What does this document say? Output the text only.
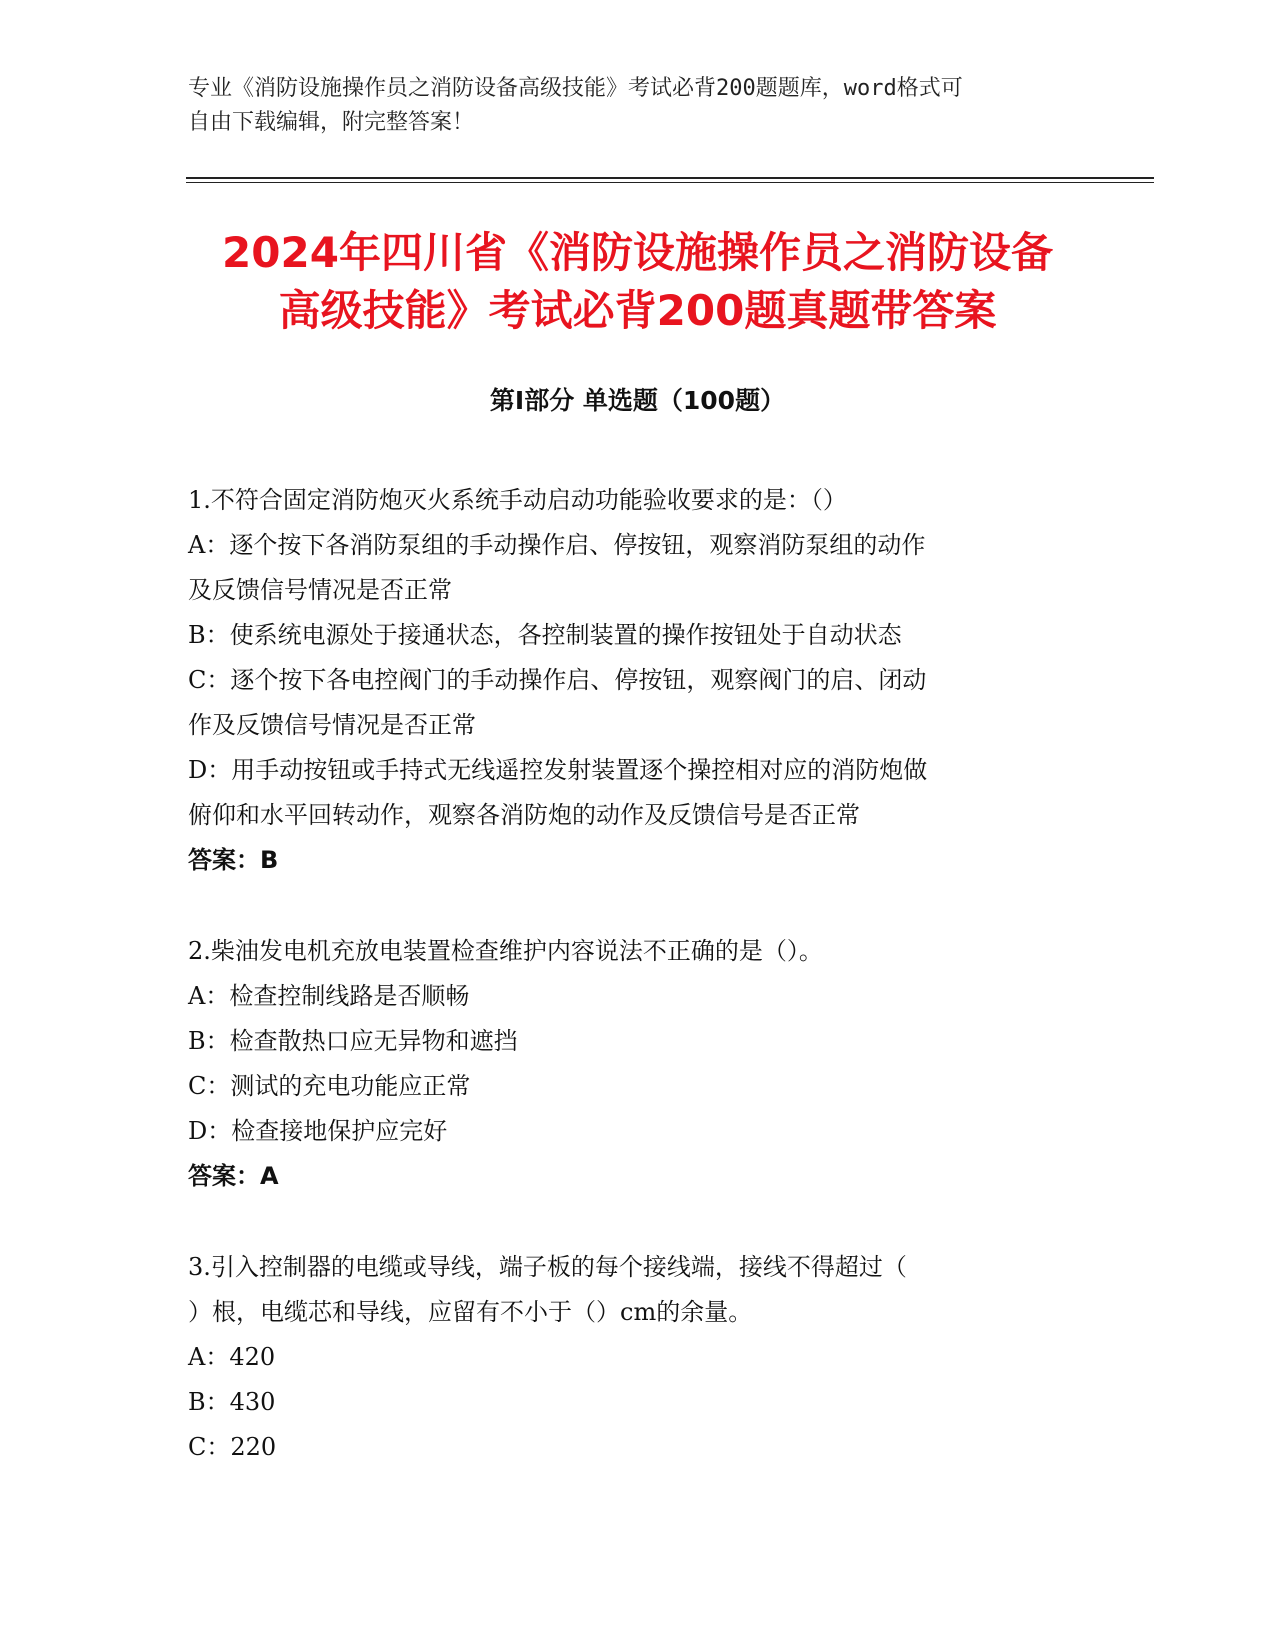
专业《消防设施操作员之消防设备高级技能》考试必背200题题库，word格式可
自由下载编辑，附完整答案！
2024年四川省《消防设施操作员之消防设备
高级技能》考试必背200题真题带答案
第Ⅰ部分 单选题（100题）

1.不符合固定消防炮灭火系统手动启动功能验收要求的是：（）

A：逐个按下各消防泵组的手动操作启、停按钮，观察消防泵组的动作

及反馈信号情况是否正常

B：使系统电源处于接通状态，各控制装置的操作按钮处于自动状态

C：逐个按下各电控阀门的手动操作启、停按钮，观察阀门的启、闭动

作及反馈信号情况是否正常

D：用手动按钮或手持式无线遥控发射装置逐个操控相对应的消防炮做

俯仰和水平回转动作，观察各消防炮的动作及反馈信号是否正常

答案：B

2.柴油发电机充放电装置检查维护内容说法不正确的是（）。

A：检查控制线路是否顺畅

B：检查散热口应无异物和遮挡

C：测试的充电功能应正常

D：检查接地保护应完好

答案：A

3.引入控制器的电缆或导线，端子板的每个接线端，接线不得超过（

）根，电缆芯和导线，应留有不小于（）cm的余量。

A：420

B：430

C：220
